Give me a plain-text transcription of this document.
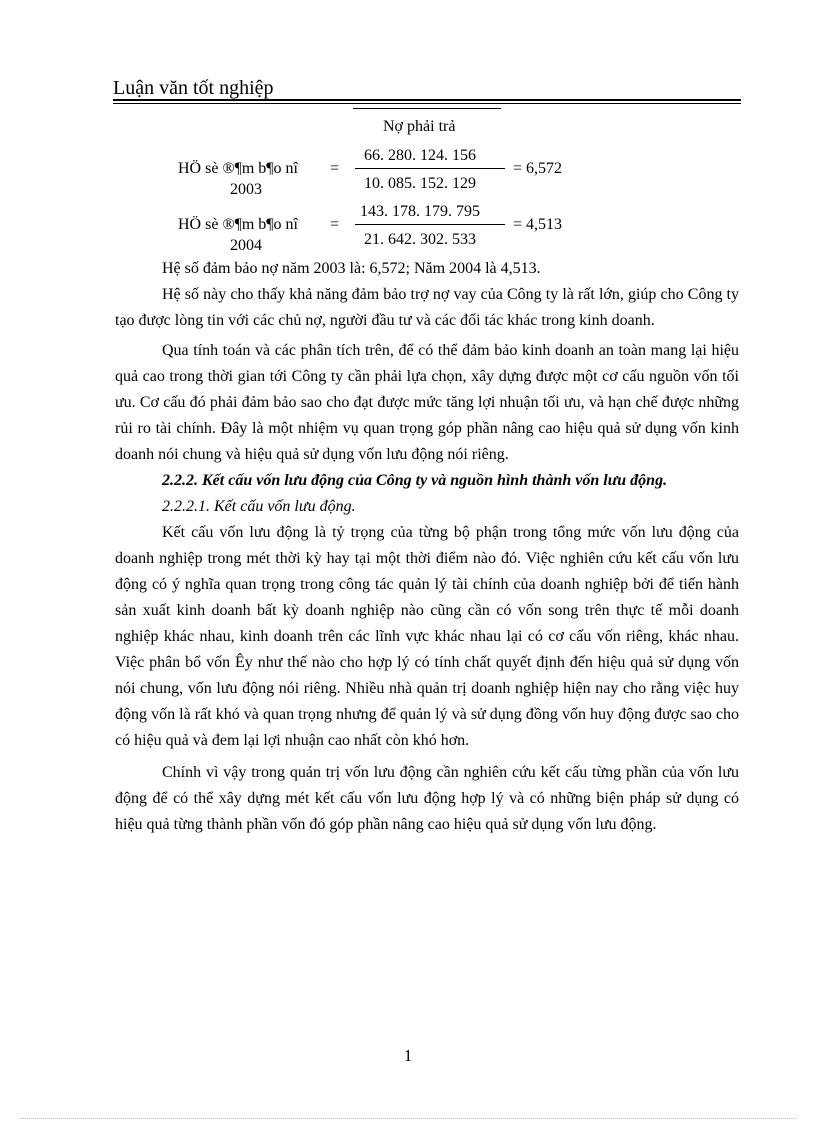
Luận văn tốt nghiệp
Nợ phải trả
HÖ sè ®¶m b¶o nî
2003
=
66. 280. 124. 156
10. 085. 152. 129
= 6,572
HÖ sè ®¶m b¶o nî
2004
=
143. 178. 179. 795
21. 642. 302. 533
= 4,513

Hệ số đảm bảo nợ năm 2003 là: 6,572; Năm 2004 là 4,513.

Hệ số này cho thấy khả năng đảm bảo trợ nợ vay của Công ty là rất lớn, giúp cho Công ty tạo được lòng tin với các chủ nợ, người đầu tư và các đối tác khác trong kinh doanh.

Qua tính toán và các phân tích trên, để có thể đảm bảo kinh doanh an toàn mang lại hiệu quả cao trong thời gian tới Công ty cần phải lựa chọn, xây dựng được một cơ cấu nguồn vốn tối ưu. Cơ cấu đó phải đảm bảo sao cho đạt được mức tăng lợi nhuận tối ưu, và hạn chế được những rủi ro tài chính. Đây là một nhiệm vụ quan trọng góp phần nâng cao hiệu quả sử dụng vốn kinh doanh nói chung và hiệu quả sử dụng vốn lưu động nói riêng.

2.2.2. Kết cấu vốn lưu động của Công ty và nguồn hình thành vốn lưu động.

2.2.2.1. Kết cấu vốn lưu động.

Kết cấu vốn lưu động là tỷ trọng của từng bộ phận trong tổng mức vốn lưu động của doanh nghiệp trong mét thời kỳ hay tại một thời điểm nào đó. Việc nghiên cứu kết cấu vốn lưu động có ý nghĩa quan trọng trong công tác quản lý tài chính của doanh nghiệp bởi để tiến hành sản xuất kinh doanh bất kỳ doanh nghiệp nào cũng cần có vốn song trên thực tế mỗi doanh nghiệp khác nhau, kinh doanh trên các lĩnh vực khác nhau lại có cơ cấu vốn riêng, khác nhau. Việc phân bổ vốn Êy như thế nào cho hợp lý có tính chất quyết định đến hiệu quả sử dụng vốn nói chung, vốn lưu động nói riêng. Nhiều nhà quản trị doanh nghiệp hiện nay cho rằng việc huy động vốn là rất khó và quan trọng nhưng để quản lý và sử dụng đồng vốn huy động được sao cho có hiệu quả và đem lại lợi nhuận cao nhất còn khó hơn.

Chính vì vậy trong quản trị vốn lưu động cần nghiên cứu kết cấu từng phần của vốn lưu động để có thể xây dựng mét kết cấu vốn lưu động hợp lý và có những biện pháp sử dụng có hiệu quả từng thành phần vốn đó góp phần nâng cao hiệu quả sử dụng vốn lưu động.

1
